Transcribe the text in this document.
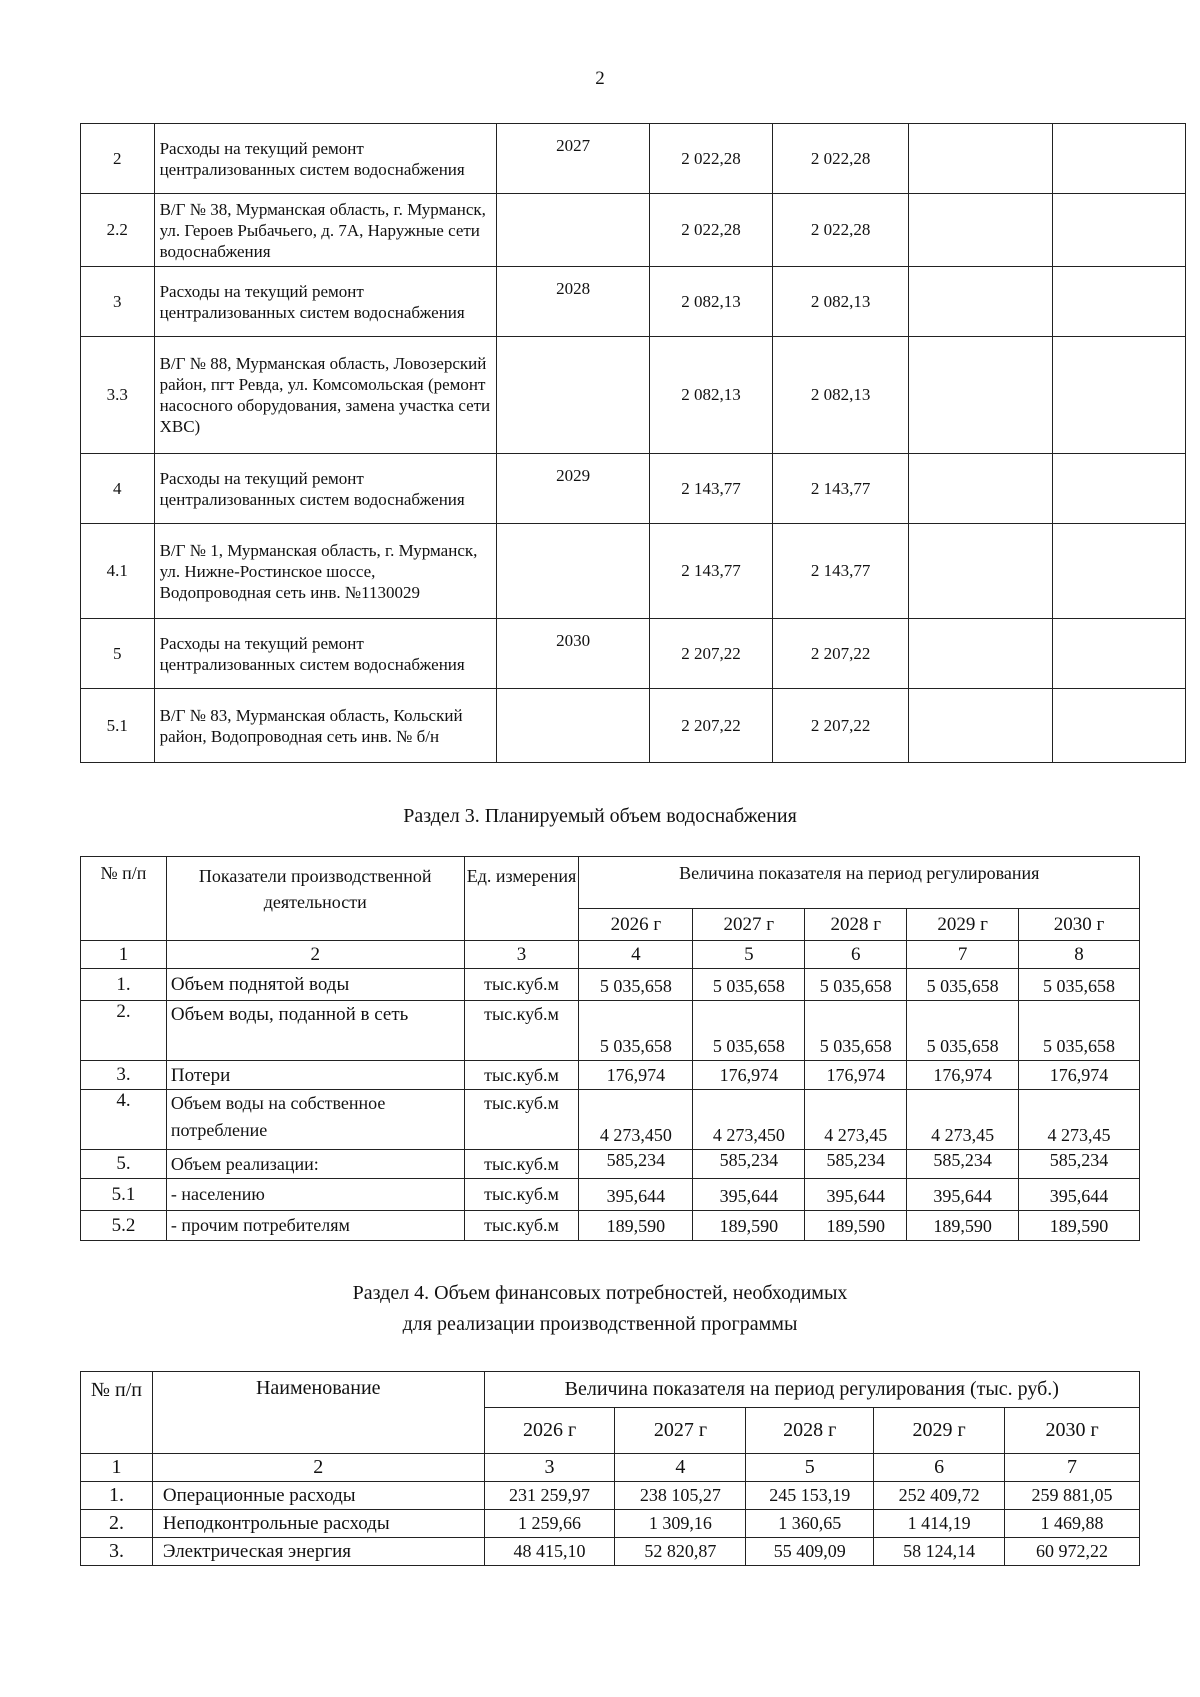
2
2	Расходы на текущий ремонт централизованных систем водоснабжения	2027	2 022,28	2 022,28		
2.2	В/Г № 38, Мурманская область, г. Мурманск, ул. Героев Рыбачьего, д. 7А, Наружные сети водоснабжения		2 022,28	2 022,28		
3	Расходы на текущий ремонт централизованных систем водоснабжения	2028	2 082,13	2 082,13		
3.3	В/Г № 88, Мурманская область, Ловозерский район, пгт Ревда, ул. Комсомольская (ремонт насосного оборудования, замена участка сети ХВС)		2 082,13	2 082,13		
4	Расходы на текущий ремонт централизованных систем водоснабжения	2029	2 143,77	2 143,77		
4.1	В/Г № 1, Мурманская область, г. Мурманск, ул. Нижне-Ростинское шоссе, Водопроводная сеть инв. №1130029		2 143,77	2 143,77		
5	Расходы на текущий ремонт централизованных систем водоснабжения	2030	2 207,22	2 207,22		
5.1	В/Г № 83, Мурманская область, Кольский район, Водопроводная сеть инв. № б/н		2 207,22	2 207,22		
Раздел 3. Планируемый объем водоснабжения
№ п/п	Показатели производственной деятельности	Ед. измерения	Величина показателя на период регулирования				
			2026 г	2027 г	2028 г	2029 г	2030 г
1	2	3	4	5	6	7	8
1.	Объем поднятой воды	тыс.куб.м	5 035,658	5 035,658	5 035,658	5 035,658	5 035,658
2.	Объем воды, поданной в сеть	тыс.куб.м	5 035,658	5 035,658	5 035,658	5 035,658	5 035,658
3.	Потери	тыс.куб.м	176,974	176,974	176,974	176,974	176,974
4.	Объем воды на собственное потребление	тыс.куб.м	4 273,450	4 273,450	4 273,45	4 273,45	4 273,45
5.	Объем реализации:	тыс.куб.м	585,234	585,234	585,234	585,234	585,234
5.1	- населению	тыс.куб.м	395,644	395,644	395,644	395,644	395,644
5.2	- прочим потребителям	тыс.куб.м	189,590	189,590	189,590	189,590	189,590
Раздел 4. Объем финансовых потребностей, необходимых
для реализации производственной программы
№ п/п	Наименование	Величина показателя на период регулирования (тыс. руб.)				
		2026 г	2027 г	2028 г	2029 г	2030 г
1	2	3	4	5	6	7
1.	Операционные расходы	231 259,97	238 105,27	245 153,19	252 409,72	259 881,05
2.	Неподконтрольные расходы	1 259,66	1 309,16	1 360,65	1 414,19	1 469,88
3.	Электрическая энергия	48 415,10	52 820,87	55 409,09	58 124,14	60 972,22
